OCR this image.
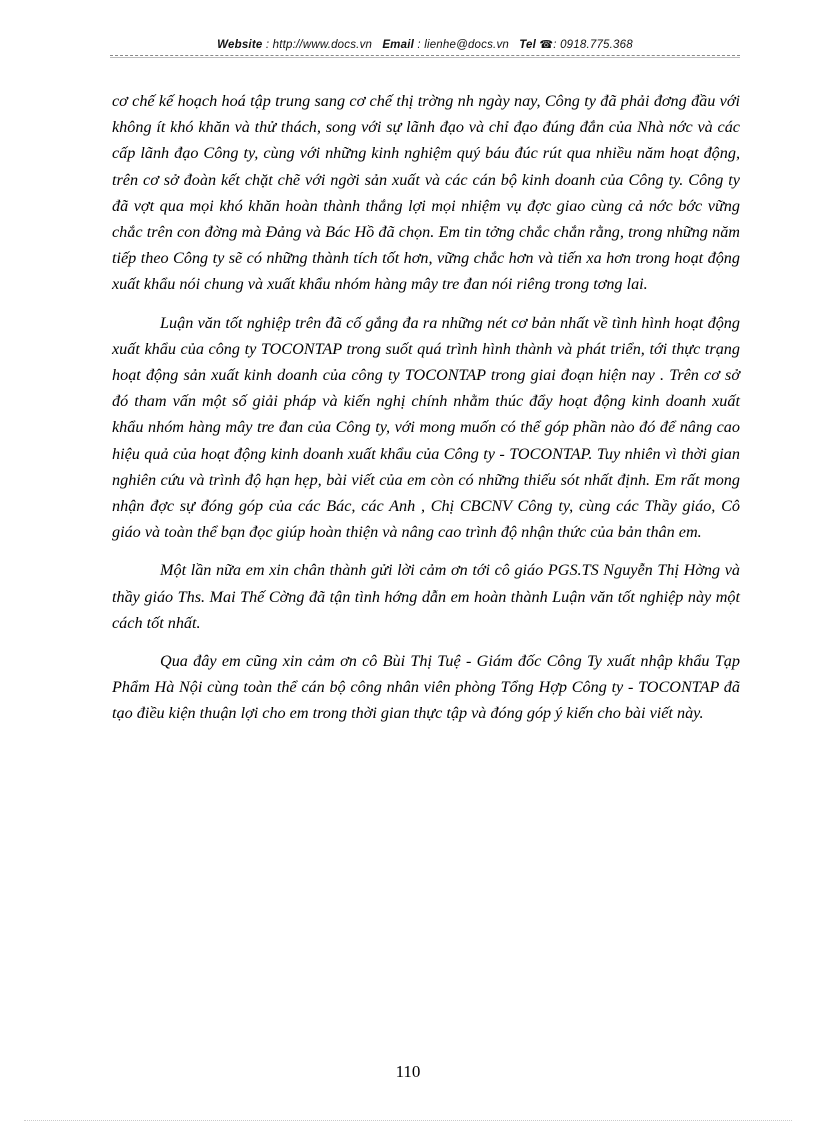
Website : http://www.docs.vn Email : lienhe@docs.vn Tel ☎: 0918.775.368

cơ chế kế hoạch hoá tập trung sang cơ chế thị trờng nh ngày nay, Công ty đã phải đơng đầu với không ít khó khăn và thử thách, song với sự lãnh đạo và chỉ đạo đúng đắn của Nhà nớc và các cấp lãnh đạo Công ty, cùng với những kinh nghiệm quý báu đúc rút qua nhiều năm hoạt động, trên cơ sở đoàn kết chặt chẽ với ngời sản xuất và các cán bộ kinh doanh của Công ty. Công ty đã vợt qua mọi khó khăn hoàn thành thắng lợi mọi nhiệm vụ đợc giao cùng cả nớc bớc vững chắc trên con đờng mà Đảng và Bác Hồ đã chọn. Em tin tởng chắc chắn rằng, trong những năm tiếp theo Công ty sẽ có những thành tích tốt hơn, vững chắc hơn và tiến xa hơn trong hoạt động xuất khẩu nói chung và xuất khẩu nhóm hàng mây tre đan nói riêng trong tơng lai.

Luận văn tốt nghiệp trên đã cố gắng đa ra những nét cơ bản nhất về tình hình hoạt động xuất khẩu của công ty TOCONTAP trong suốt quá trình hình thành và phát triển, tới thực trạng hoạt động sản xuất kinh doanh của công ty TOCONTAP trong giai đoạn hiện nay . Trên cơ sở đó tham vấn một số giải pháp và kiến nghị chính nhằm thúc đẩy hoạt động kinh doanh xuất khẩu nhóm hàng mây tre đan của Công ty, với mong muốn có thể góp phần nào đó để nâng cao hiệu quả của hoạt động kinh doanh xuất khẩu của Công ty - TOCONTAP. Tuy nhiên vì thời gian nghiên cứu và trình độ hạn hẹp, bài viết của em còn có những thiếu sót nhất định. Em rất mong nhận đợc sự đóng góp của các Bác, các Anh , Chị CBCNV Công ty, cùng các Thầy giáo, Cô giáo và toàn thể bạn đọc giúp hoàn thiện và nâng cao trình độ nhận thức của bản thân em.

Một lần nữa em xin chân thành gửi lời cảm ơn tới cô giáo PGS.TS Nguyễn Thị Hờng và thầy giáo Ths. Mai Thế Cờng đã tận tình hớng dẫn em hoàn thành Luận văn tốt nghiệp này một cách tốt nhất.

Qua đây em cũng xin cảm ơn cô Bùi Thị Tuệ - Giám đốc Công Ty xuất nhập khẩu Tạp Phẩm Hà Nội cùng toàn thể cán bộ công nhân viên phòng Tổng Hợp Công ty - TOCONTAP đã tạo điều kiện thuận lợi cho em trong thời gian thực tập và đóng góp ý kiến cho bài viết này.

110
